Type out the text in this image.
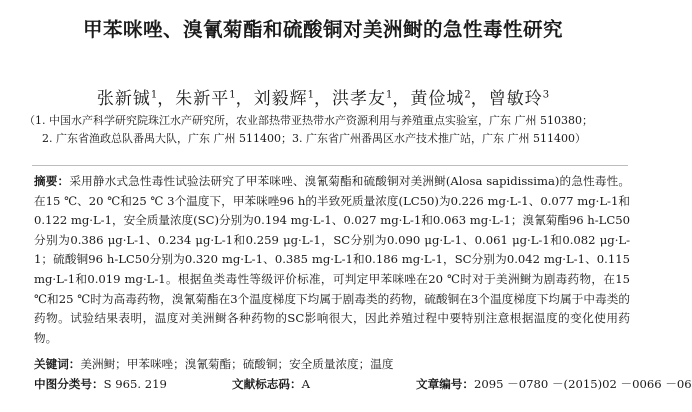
甲苯咪唑、溴氰菊酯和硫酸铜对美洲鲥的急性毒性研究
张新铖$^1$，朱新平$^1$，刘毅辉$^1$，洪孝友$^1$，黄俭城$^2$，曾敏玲$^3$
（1. 中国水产科学研究院珠江水产研究所，农业部热带亚热带水产资源利用与养殖重点实验室，广东 广州 510380；
2. 广东省渔政总队番禺大队，广东 广州 511400；3. 广东省广州番禺区水产技术推广站，广东 广州 511400）
摘要：采用静水式急性毒性试验法研究了甲苯咪唑、溴氰菊酯和硫酸铜对美洲鲥(Alosa sapidissima)的急性毒性。在15 ℃、20 ℃和25 ℃ 3个温度下，甲苯咪唑96 h的半致死质量浓度(LC50)为0.226 mg·L-1、0.077 mg·L-1和0.122 mg·L-1，安全质量浓度(SC)分别为0.194 mg·L-1、0.027 mg·L-1和0.063 mg·L-1；溴氰菊酯96 h-LC50分别为0.386 μg·L-1、0.234 μg·L-1和0.259 μg·L-1，SC分别为0.090 μg·L-1、0.061 μg·L-1和0.082 μg·L-1；硫酸铜96 h-LC50分别为0.320 mg·L-1、0.385 mg·L-1和0.186 mg·L-1，SC分别为0.042 mg·L-1、0.115 mg·L-1和0.019 mg·L-1。根据鱼类毒性等级评价标准，可判定甲苯咪唑在20 ℃时对于美洲鲥为剧毒药物，在15 ℃和25 ℃时为高毒药物，溴氰菊酯在3个温度梯度下均属于剧毒类的药物，硫酸铜在3个温度梯度下均属于中毒类的药物。试验结果表明，温度对美洲鲥各种药物的SC影响很大，因此养殖过程中要特别注意根据温度的变化使用药物。
关键词：美洲鲥；甲苯咪唑；溴氰菊酯；硫酸铜；安全质量浓度；温度
中图分类号：S 965. 219	文献标志码：A	文章编号：2095 －0780 －(2015)02 －0066 －06
